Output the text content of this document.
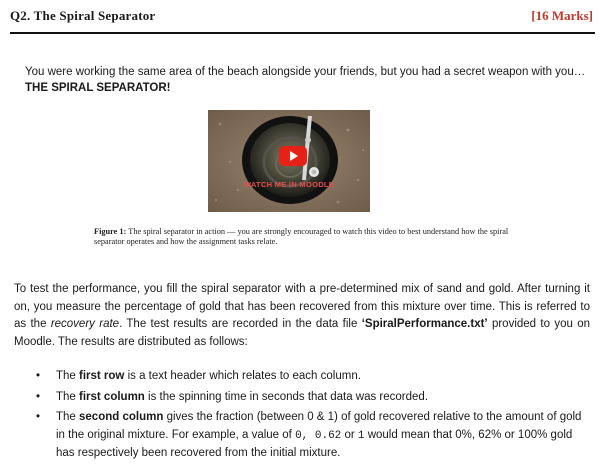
Q2. The Spiral Separator	[16 Marks]
You were working the same area of the beach alongside your friends, but you had a secret weapon with you… THE SPIRAL SEPARATOR!
WATCH ME IN MOODLE
Figure 1: The spiral separator in action — you are strongly encouraged to watch this video to best understand how the spiral separator operates and how the assignment tasks relate.
To test the performance, you fill the spiral separator with a pre-determined mix of sand and gold. After turning it on, you measure the percentage of gold that has been recovered from this mixture over time. This is referred to as the recovery rate. The test results are recorded in the data file ‘SpiralPerformance.txt’ provided to you on Moodle. The results are distributed as follows:
• The first row is a text header which relates to each column.
• The first column is the spinning time in seconds that data was recorded.
• The second column gives the fraction (between 0 & 1) of gold recovered relative to the amount of gold in the original mixture. For example, a value of 0, 0.62 or 1 would mean that 0%, 62% or 100% gold has respectively been recovered from the initial mixture.
